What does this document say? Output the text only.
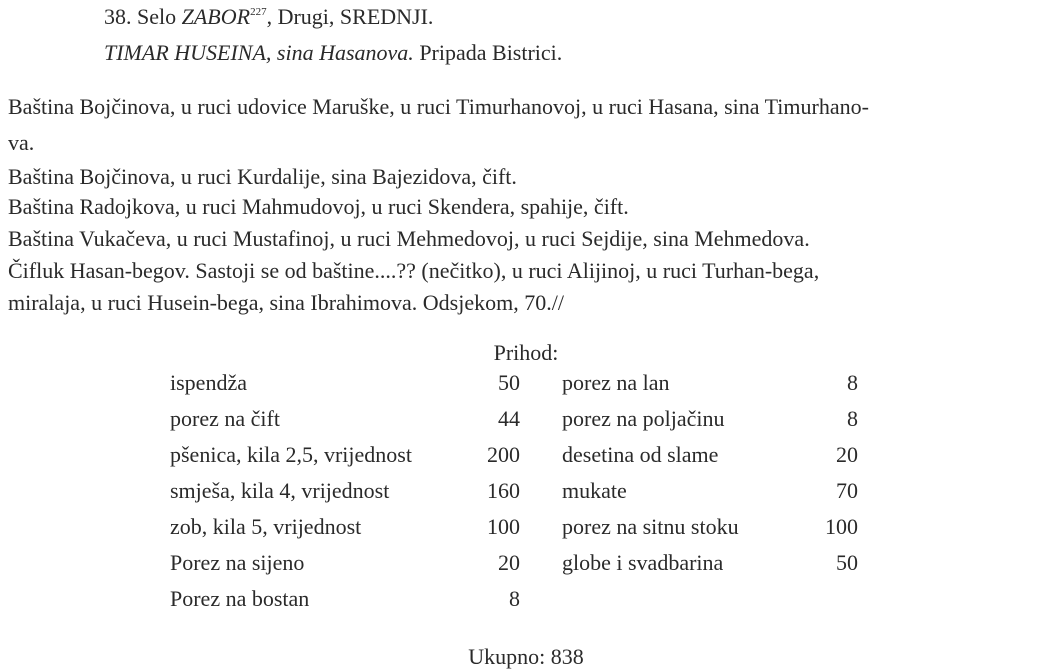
38. Selo ZABOR$^{227}$, Drugi, SREDNJI.
TIMAR HUSEINA, sina Hasanova. Pripada Bistrici.
Baština Bojčinova, u ruci udovice Maruške, u ruci Timurhanovoj, u ruci Hasana, sina Timurhano-
va.
Baština Bojčinova, u ruci Kurdalije, sina Bajezidova, čift.
Baština Radojkova, u ruci Mahmudovoj, u ruci Skendera, spahije, čift.
Baština Vukačeva, u ruci Mustafinoj, u ruci Mehmedovoj, u ruci Sejdije, sina Mehmedova.
Čifluk Hasan-begov. Sastoji se od baštine....?? (nečitko), u ruci Alijinoj, u ruci Turhan-bega,
miralaja, u ruci Husein-bega, sina Ibrahimova. Odsjekom, 70.//
Prihod:
ispendža	50	porez na lan	8
porez na čift	44	porez na poljačinu	8
pšenica, kila 2,5, vrijednost	200	desetina od slame	20
smješa, kila 4, vrijednost	160	mukate	70
zob, kila 5, vrijednost	100	porez na sitnu stoku	100
Porez na sijeno	20	globe i svadbarina	50
Porez na bostan	8		
Ukupno: 838
